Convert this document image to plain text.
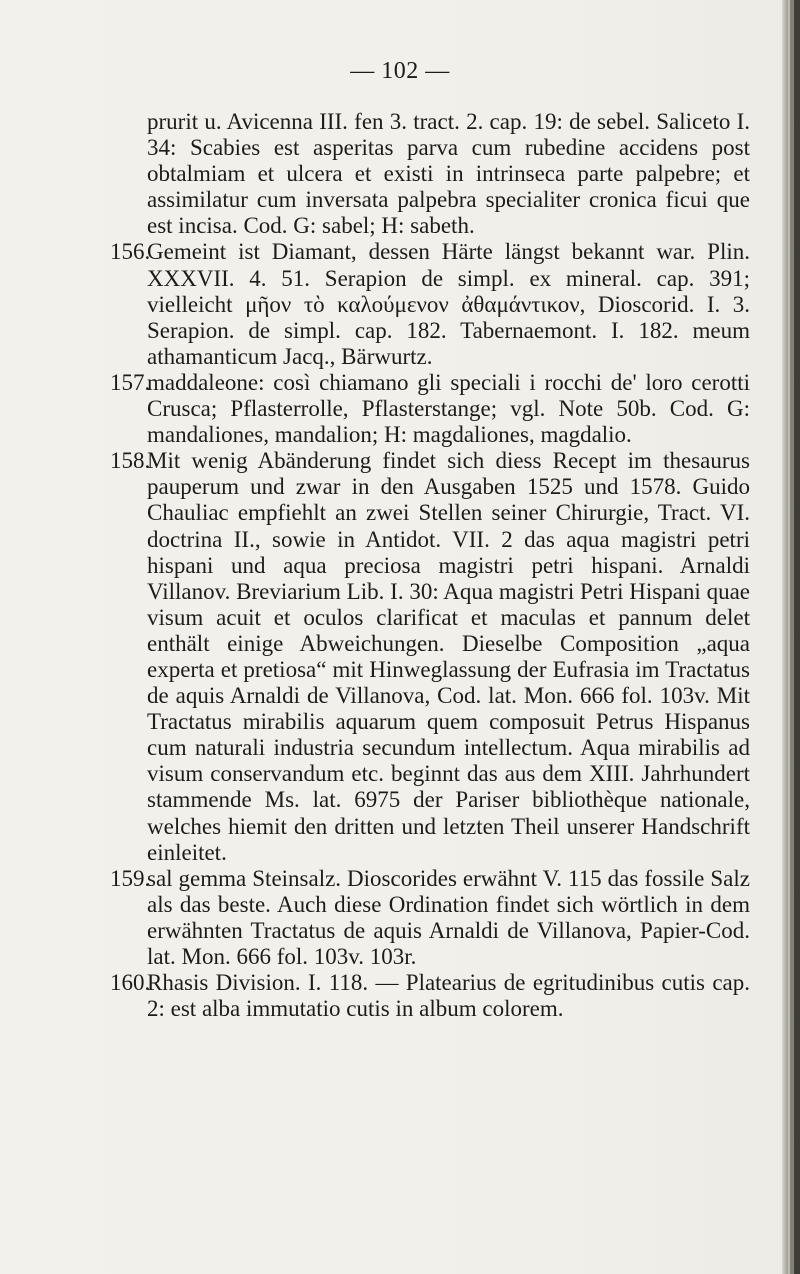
— 102 —

prurit u. Avicenna III. fen 3. tract. 2. cap. 19: de sebel. Saliceto I. 34: Scabies est asperitas parva cum rubedine accidens post obtalmiam et ulcera et existi in intrinseca parte palpebre; et assimilatur cum inversata palpebra specialiter cronica ficui que est incisa. Cod. G: sabel; H: sabeth.

156.
Gemeint ist Diamant, dessen Härte längst bekannt war. Plin. XXXVII. 4. 51. Serapion de simpl. ex mineral. cap. 391; vielleicht μῆον τὸ καλούμενον ἀθαμάντικον, Dioscorid. I. 3. Serapion. de simpl. cap. 182. Tabernaemont. I. 182. meum athamanticum Jacq., Bärwurtz.
157.
maddaleone: così chiamano gli speciali i rocchi de' loro cerotti Crusca; Pflasterrolle, Pflasterstange; vgl. Note 50b. Cod. G: mandaliones, mandalion; H: magdaliones, magdalio.
158.
Mit wenig Abänderung findet sich diess Recept im thesaurus pauperum und zwar in den Ausgaben 1525 und 1578. Guido Chauliac empfiehlt an zwei Stellen seiner Chirurgie, Tract. VI. doctrina II., sowie in Antidot. VII. 2 das aqua magistri petri hispani und aqua preciosa magistri petri hispani. Arnaldi Villanov. Breviarium Lib. I. 30: Aqua magistri Petri Hispani quae visum acuit et oculos clarificat et maculas et pannum delet enthält einige Abweichungen. Dieselbe Composition „aqua experta et pretiosa“ mit Hinweglassung der Eufrasia im Tractatus de aquis Arnaldi de Villanova, Cod. lat. Mon. 666 fol. 103v. Mit Tractatus mirabilis aquarum quem composuit Petrus Hispanus cum naturali industria secundum intellectum. Aqua mirabilis ad visum conservandum etc. beginnt das aus dem XIII. Jahrhundert stammende Ms. lat. 6975 der Pariser bibliothèque nationale, welches hiemit den dritten und letzten Theil unserer Handschrift einleitet.
159.
sal gemma Steinsalz. Dioscorides erwähnt V. 115 das fossile Salz als das beste. Auch diese Ordination findet sich wörtlich in dem erwähnten Tractatus de aquis Arnaldi de Villanova, Papier-Cod. lat. Mon. 666 fol. 103v. 103r.
160.
Rhasis Division. I. 118. — Platearius de egritudinibus cutis cap. 2: est alba immutatio cutis in album colorem.
